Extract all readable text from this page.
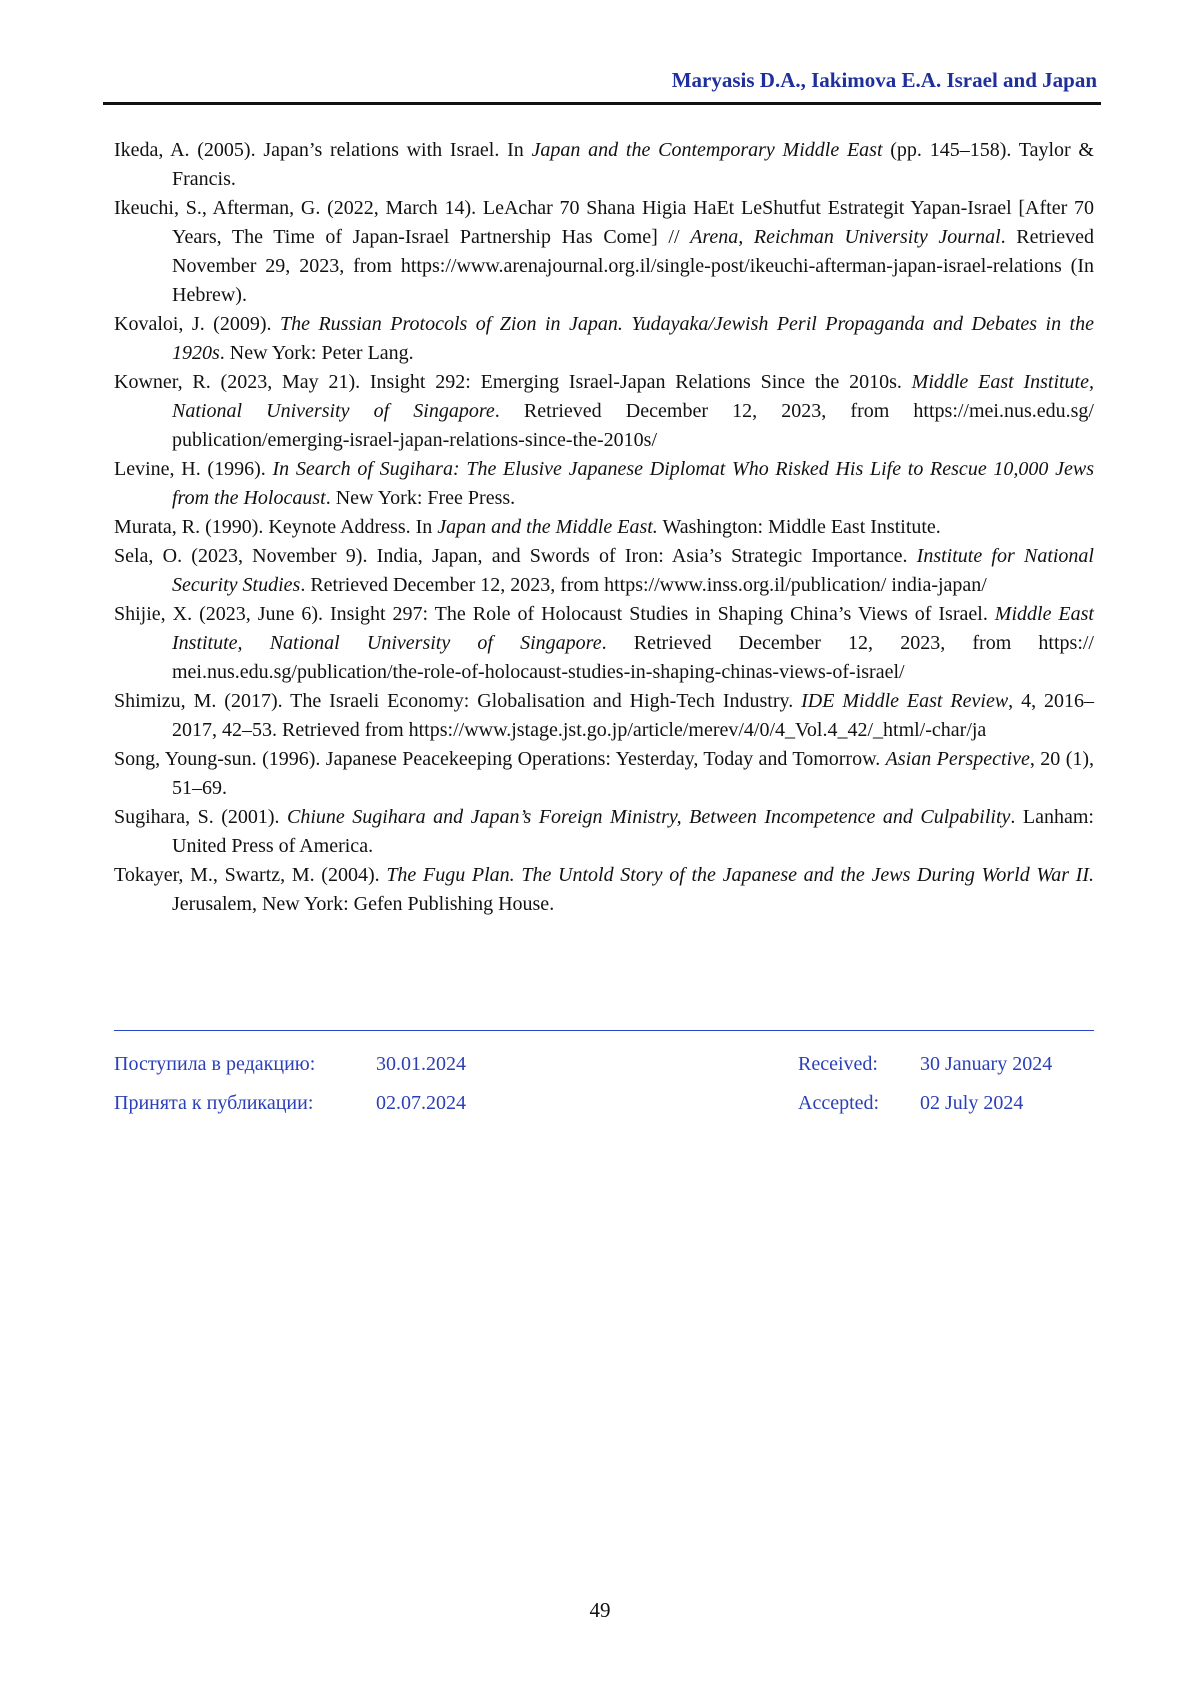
Maryasis D.A., Iakimova E.A. Israel and Japan

Ikeda, A. (2005). Japan’s relations with Israel. In Japan and the Contemporary Middle East (pp. 145–158). Taylor & Francis.

Ikeuchi, S., Afterman, G. (2022, March 14). LeAchar 70 Shana Higia HaEt LeShutfut Estrategit Yapan-Israel [After 70 Years, The Time of Japan-Israel Partnership Has Come] // Arena, Reichman University Journal. Retrieved November 29, 2023, from https://www.arenajournal.org.il/single-post/ikeuchi-afterman-japan-israel-relations (In Hebrew).

Kovaloi, J. (2009). The Russian Protocols of Zion in Japan. Yudayaka/Jewish Peril Propaganda and Debates in the 1920s. New York: Peter Lang.

Kowner, R. (2023, May 21). Insight 292: Emerging Israel-Japan Relations Since the 2010s. Middle East Institute, National University of Singapore. Retrieved December 12, 2023, from https://mei.nus.edu.sg/ publication/emerging-israel-japan-relations-since-the-2010s/

Levine, H. (1996). In Search of Sugihara: The Elusive Japanese Diplomat Who Risked His Life to Rescue 10,000 Jews from the Holocaust. New York: Free Press.

Murata, R. (1990). Keynote Address. In Japan and the Middle East. Washington: Middle East Institute.

Sela, O. (2023, November 9). India, Japan, and Swords of Iron: Asia’s Strategic Importance. Institute for National Security Studies. Retrieved December 12, 2023, from https://www.inss.org.il/publication/ india-japan/

Shijie, X. (2023, June 6). Insight 297: The Role of Holocaust Studies in Shaping China’s Views of Israel. Middle East Institute, National University of Singapore. Retrieved December 12, 2023, from https:// mei.nus.edu.sg/publication/the-role-of-holocaust-studies-in-shaping-chinas-views-of-israel/

Shimizu, M. (2017). The Israeli Economy: Globalisation and High-Tech Industry. IDE Middle East Review, 4, 2016–2017, 42–53. Retrieved from https://www.jstage.jst.go.jp/article/merev/4/0/4_Vol.4_42/_html/-char/ja

Song, Young-sun. (1996). Japanese Peacekeeping Operations: Yesterday, Today and Tomorrow. Asian Perspective, 20 (1), 51–69.

Sugihara, S. (2001). Chiune Sugihara and Japan’s Foreign Ministry, Between Incompetence and Culpability. Lanham: United Press of America.

Tokayer, M., Swartz, M. (2004). The Fugu Plan. The Untold Story of the Japanese and the Jews During World War II. Jerusalem, New York: Gefen Publishing House.

Поступила в редакцию:	30.01.2024
Принята к публикации:	02.07.2024
Received: 30 January 2024
Accepted: 02 July 2024
49
